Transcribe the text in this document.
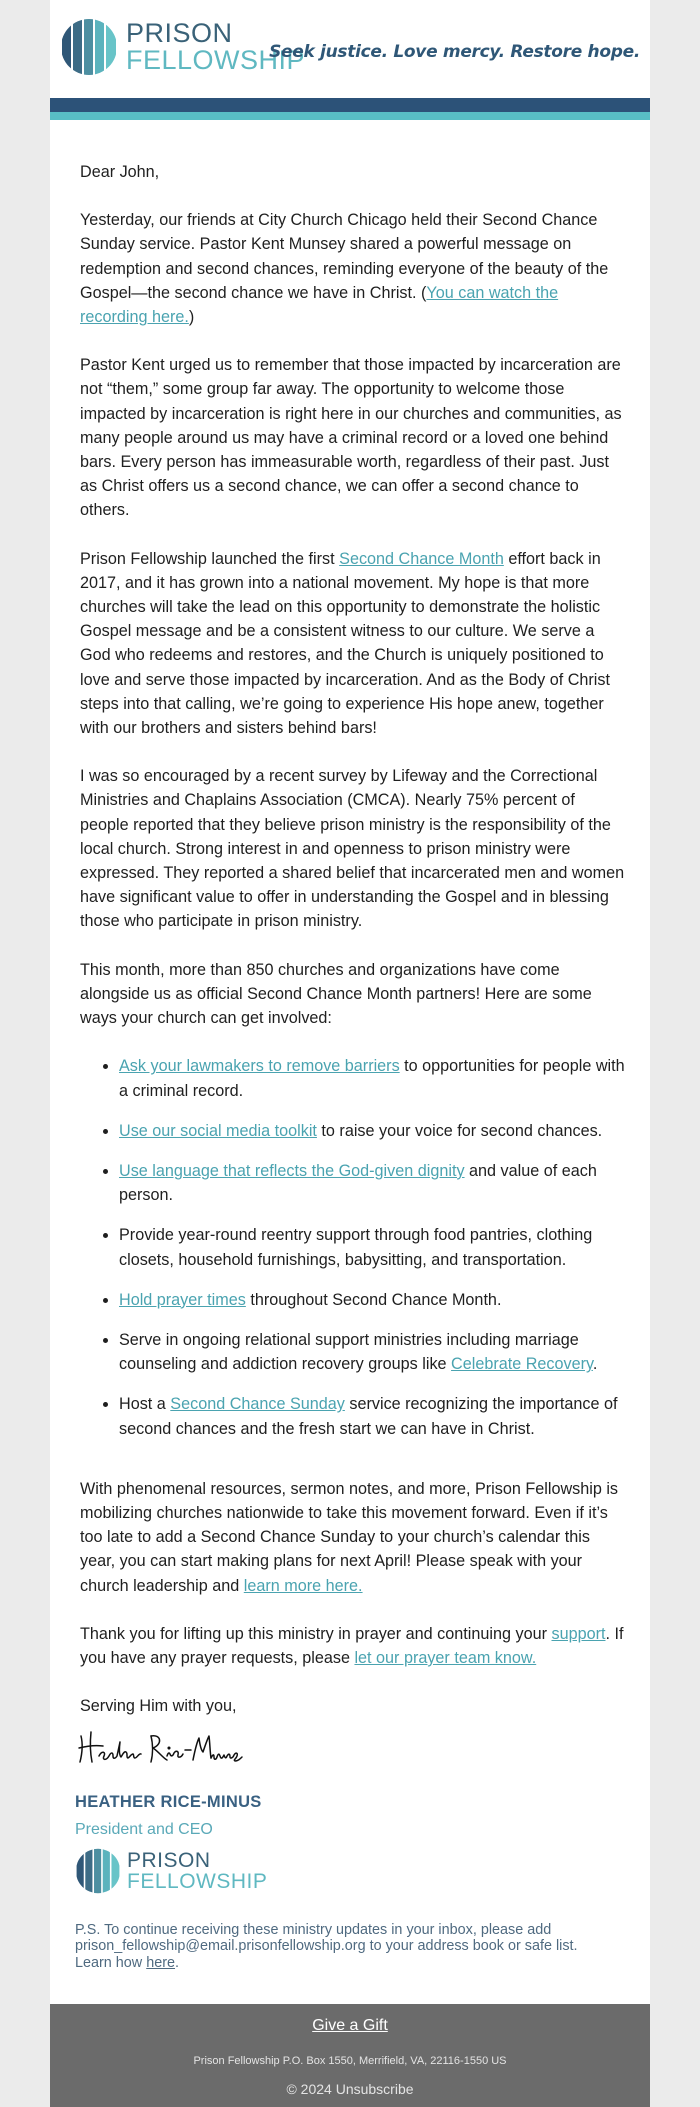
PRISON
FELLOWSHIP
Seek justice. Love mercy. Restore hope.

Dear John,

Yesterday, our friends at City Church Chicago held their Second Chance Sunday service. Pastor Kent Munsey shared a powerful message on redemption and second chances, reminding everyone of the beauty of the Gospel—the second chance we have in Christ. (You can watch the recording here.)

Pastor Kent urged us to remember that those impacted by incarceration are not “them,” some group far away. The opportunity to welcome those impacted by incarceration is right here in our churches and communities, as many people around us may have a criminal record or a loved one behind bars. Every person has immeasurable worth, regardless of their past. Just as Christ offers us a second chance, we can offer a second chance to others.

Prison Fellowship launched the first Second Chance Month effort back in 2017, and it has grown into a national movement. My hope is that more churches will take the lead on this opportunity to demonstrate the holistic Gospel message and be a consistent witness to our culture. We serve a God who redeems and restores, and the Church is uniquely positioned to love and serve those impacted by incarceration. And as the Body of Christ steps into that calling, we’re going to experience His hope anew, together with our brothers and sisters behind bars!

I was so encouraged by a recent survey by Lifeway and the Correctional Ministries and Chaplains Association (CMCA). Nearly 75% percent of people reported that they believe prison ministry is the responsibility of the local church. Strong interest in and openness to prison ministry were expressed. They reported a shared belief that incarcerated men and women have significant value to offer in understanding the Gospel and in blessing those who participate in prison ministry.

This month, more than 850 churches and organizations have come alongside us as official Second Chance Month partners! Here are some ways your church can get involved:

• Ask your lawmakers to remove barriers to opportunities for people with a criminal record.
• Use our social media toolkit to raise your voice for second chances.
• Use language that reflects the God-given dignity and value of each person.
• Provide year-round reentry support through food pantries, clothing closets, household furnishings, babysitting, and transportation.
• Hold prayer times throughout Second Chance Month.
• Serve in ongoing relational support ministries including marriage counseling and addiction recovery groups like Celebrate Recovery.
• Host a Second Chance Sunday service recognizing the importance of second chances and the fresh start we can have in Christ.

With phenomenal resources, sermon notes, and more, Prison Fellowship is mobilizing churches nationwide to take this movement forward. Even if it’s too late to add a Second Chance Sunday to your church’s calendar this year, you can start making plans for next April! Please speak with your church leadership and learn more here.

Thank you for lifting up this ministry in prayer and continuing your support. If you have any prayer requests, please let our prayer team know.

Serving Him with you,

HEATHER RICE-MINUS
President and CEO
PRISON
FELLOWSHIP
P.S. To continue receiving these ministry updates in your inbox, please add prison_fellowship@email.prisonfellowship.org to your address book or safe list. Learn how here.
Give a Gift
Prison Fellowship P.O. Box 1550, Merrifield, VA, 22116-1550 US
© 2024 Unsubscribe
